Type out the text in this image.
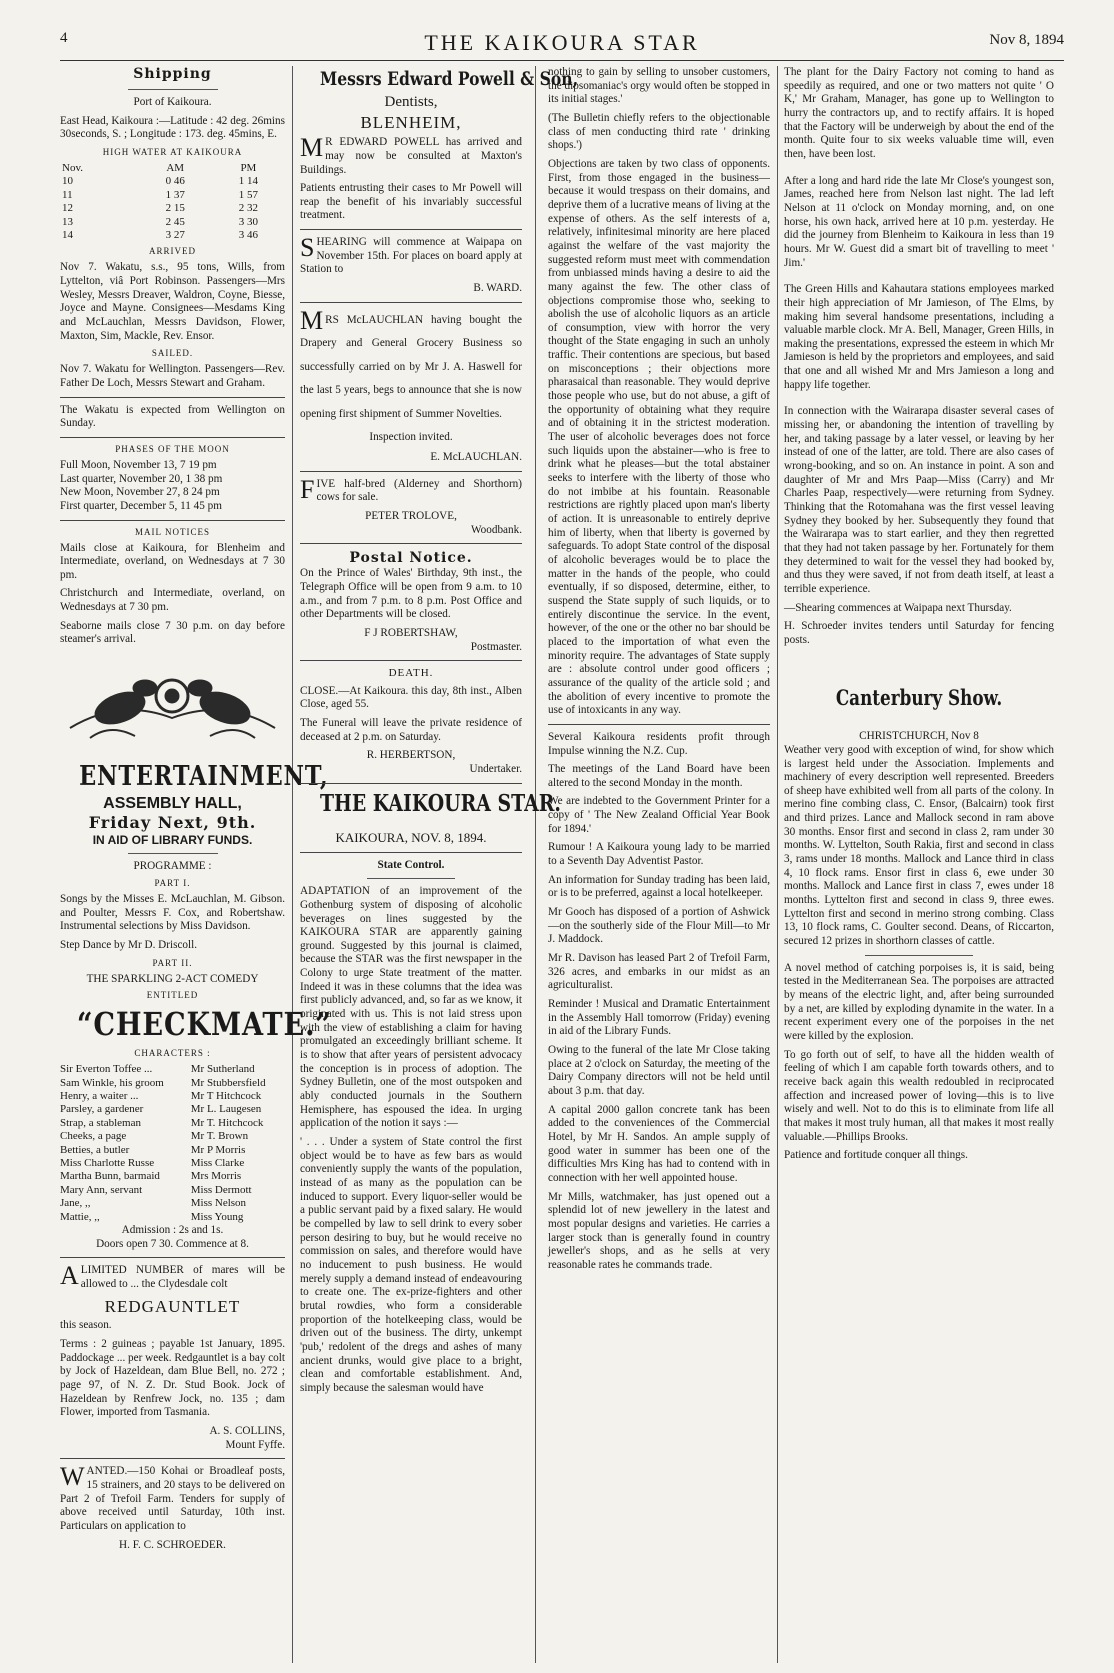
4	THE KAIKOURA STAR	Nov 8, 1894
Shipping

Port of Kaikoura.

East Head, Kaikoura :—Latitude : 42 deg. 26mins 30seconds, S. ; Longitude : 173. deg. 45mins, E.

HIGH WATER AT KAIKOURA
Nov.	AM	PM
10	0 46	1 14
11	1 37	1 57
12	2 15	2 32
13	2 45	3 30
14	3 27	3 46
ARRIVED

Nov 7. Wakatu, s.s., 95 tons, Wills, from Lyttelton, viâ Port Robinson. Passengers—Mrs Wesley, Messrs Dreaver, Waldron, Coyne, Biesse, Joyce and Mayne. Consignees—Mesdams King and McLauchlan, Messrs Davidson, Flower, Maxton, Sim, Mackle, Rev. Ensor.

SAILED.

Nov 7. Wakatu for Wellington. Passengers—Rev. Father De Loch, Messrs Stewart and Graham.

The Wakatu is expected from Wellington on Sunday.

PHASES OF THE MOON
Full Moon, November 13, 7 19 pm
Last quarter, November 20, 1 38 pm
New Moon, November 27, 8 24 pm
First quarter, December 5, 11 45 pm
MAIL NOTICES

Mails close at Kaikoura, for Blenheim and Intermediate, overland, on Wednesdays at 7 30 pm.

Christchurch and Intermediate, overland, on Wednesdays at 7 30 pm.

Seaborne mails close 7 30 p.m. on day before steamer's arrival.

ENTERTAINMENT,
ASSEMBLY HALL,
Friday Next, 9th.
IN AID OF LIBRARY FUNDS.
PROGRAMME :
PART I.

Songs by the Misses E. McLauchlan, M. Gibson. and Poulter, Messrs F. Cox, and Robertshaw. Instrumental selections by Miss Davidson.

Step Dance by Mr D. Driscoll.

PART II.
THE SPARKLING 2-ACT COMEDY
ENTITLED
“CHECKMATE.”
CHARACTERS :
Sir Everton Toffee ...	Mr Sutherland
Sam Winkle, his groom	Mr Stubbersfield
Henry, a waiter ...	Mr T Hitchcock
Parsley, a gardener	Mr L. Laugesen
Strap, a stableman	Mr T. Hitchcock
Cheeks, a page	Mr T. Brown
Betties, a butler	Mr P Morris
Miss Charlotte Russe	Miss Clarke
Martha Bunn, barmaid	Mrs Morris
Mary Ann, servant	Miss Dermott
Jane, ,,	Miss Nelson
Mattie, ,,	Miss Young
Admission : 2s and 1s.
Doors open 7 30. Commence at 8.

ALIMITED NUMBER of mares will be allowed to ... the Clydesdale colt

REDGAUNTLET

this season.

Terms : 2 guineas ; payable 1st January, 1895. Paddockage ... per week. Redgauntlet is a bay colt by Jock of Hazeldean, dam Blue Bell, no. 272 ; page 97, of N. Z. Dr. Stud Book. Jock of Hazeldean by Renfrew Jock, no. 135 ; dam Flower, imported from Tasmania.

A. S. COLLINS,
Mount Fyffe.

WANTED.—150 Kohai or Broadleaf posts, 15 strainers, and 20 stays to be delivered on Part 2 of Trefoil Farm. Tenders for supply of above received until Saturday, 10th inst. Particulars on application to

H. F. C. SCHROEDER.
Messrs Edward Powell & Son,
Dentists,
BLENHEIM,

MR EDWARD POWELL has arrived and may now be consulted at Maxton's Buildings.

Patients entrusting their cases to Mr Powell will reap the benefit of his invariably successful treatment.

SHEARING will commence at Waipapa on November 15th. For places on board apply at Station to

B. WARD.

MRS McLAUCHLAN having bought the Drapery and General Grocery Business so successfully carried on by Mr J. A. Haswell for the last 5 years, begs to announce that she is now opening first shipment of Summer Novelties.

Inspection invited.
E. McLAUCHLAN.

FIVE half-bred (Alderney and Shorthorn) cows for sale.

PETER TROLOVE,
Woodbank.
Postal Notice.

On the Prince of Wales' Birthday, 9th inst., the Telegraph Office will be open from 9 a.m. to 10 a.m., and from 7 p.m. to 8 p.m. Post Office and other Departments will be closed.

F J ROBERTSHAW,
Postmaster.
DEATH.

CLOSE.—At Kaikoura. this day, 8th inst., Alben Close, aged 55.

The Funeral will leave the private residence of deceased at 2 p.m. on Saturday.

R. HERBERTSON,
Undertaker.
THE KAIKOURA STAR.
KAIKOURA, NOV. 8, 1894.
State Control.

ADAPTATION of an improvement of the Gothenburg system of disposing of alcoholic beverages on lines suggested by the KAIKOURA STAR are apparently gaining ground. Suggested by this journal is claimed, because the STAR was the first newspaper in the Colony to urge State treatment of the matter. Indeed it was in these columns that the idea was first publicly advanced, and, so far as we know, it originated with us. This is not laid stress upon with the view of establishing a claim for having promulgated an exceedingly brilliant scheme. It is to show that after years of persistent advocacy the conception is in process of adoption. The Sydney Bulletin, one of the most outspoken and ably conducted journals in the Southern Hemisphere, has espoused the idea. In urging application of the notion it says :—

' . . . Under a system of State control the first object would be to have as few bars as would conveniently supply the wants of the population, instead of as many as the population can be induced to support. Every liquor-seller would be a public servant paid by a fixed salary. He would be compelled by law to sell drink to every sober person desiring to buy, but he would receive no commission on sales, and therefore would have no inducement to push business. He would merely supply a demand instead of endeavouring to create one. The ex-prize-fighters and other brutal rowdies, who form a considerable proportion of the hotelkeeping class, would be driven out of the business. The dirty, unkempt 'pub,' redolent of the dregs and ashes of many ancient drunks, would give place to a bright, clean and comfortable establishment. And, simply because the salesman would have

nothing to gain by selling to unsober customers, the dipsomaniac's orgy would often be stopped in its initial stages.'

(The Bulletin chiefly refers to the objectionable class of men conducting third rate ' drinking shops.')

Objections are taken by two class of opponents. First, from those engaged in the business—because it would trespass on their domains, and deprive them of a lucrative means of living at the expense of others. As the self interests of a, relatively, infinitesimal minority are here placed against the welfare of the vast majority the suggested reform must meet with commendation from unbiassed minds having a desire to aid the many against the few. The other class of objections compromise those who, seeking to abolish the use of alcoholic liquors as an article of consumption, view with horror the very thought of the State engaging in such an unholy traffic. Their contentions are specious, but based on misconceptions ; their objections more pharasaical than reasonable. They would deprive those people who use, but do not abuse, a gift of the opportunity of obtaining what they require and of obtaining it in the strictest moderation. The user of alcoholic beverages does not force such liquids upon the abstainer—who is free to drink what he pleases—but the total abstainer seeks to interfere with the liberty of those who do not imbibe at his fountain. Reasonable restrictions are rightly placed upon man's liberty of action. It is unreasonable to entirely deprive him of liberty, when that liberty is governed by safeguards. To adopt State control of the disposal of alcoholic beverages would be to place the matter in the hands of the people, who could eventually, if so disposed, determine, either, to suspend the State supply of such liquids, or to entirely discontinue the service. In the event, however, of the one or the other no bar should be placed to the importation of what even the minority require. The advantages of State supply are : absolute control under good officers ; assurance of the quality of the article sold ; and the abolition of every incentive to promote the use of intoxicants in any way.

Several Kaikoura residents profit through Impulse winning the N.Z. Cup.

The meetings of the Land Board have been altered to the second Monday in the month.

We are indebted to the Government Printer for a copy of ' The New Zealand Official Year Book for 1894.'

Rumour ! A Kaikoura young lady to be married to a Seventh Day Adventist Pastor.

An information for Sunday trading has been laid, or is to be preferred, against a local hotelkeeper.

Mr Gooch has disposed of a portion of Ashwick—on the southerly side of the Flour Mill—to Mr J. Maddock.

Mr R. Davison has leased Part 2 of Trefoil Farm, 326 acres, and embarks in our midst as an agriculturalist.

Reminder ! Musical and Dramatic Entertainment in the Assembly Hall tomorrow (Friday) evening in aid of the Library Funds.

Owing to the funeral of the late Mr Close taking place at 2 o'clock on Saturday, the meeting of the Dairy Company directors will not be held until about 3 p.m. that day.

A capital 2000 gallon concrete tank has been added to the conveniences of the Commercial Hotel, by Mr H. Sandos. An ample supply of good water in summer has been one of the difficulties Mrs King has had to contend with in connection with her well appointed house.

Mr Mills, watchmaker, has just opened out a splendid lot of new jewellery in the latest and most popular designs and varieties. He carries a larger stock than is generally found in country jeweller's shops, and as he sells at very reasonable rates he commands trade.

The plant for the Dairy Factory not coming to hand as speedily as required, and one or two matters not quite ' O K,' Mr Graham, Manager, has gone up to Wellington to hurry the contractors up, and to rectify affairs. It is hoped that the Factory will be underweigh by about the end of the month. Quite four to six weeks valuable time will, even then, have been lost.

After a long and hard ride the late Mr Close's youngest son, James, reached here from Nelson last night. The lad left Nelson at 11 o'clock on Monday morning, and, on one horse, his own hack, arrived here at 10 p.m. yesterday. He did the journey from Blenheim to Kaikoura in less than 19 hours. Mr W. Guest did a smart bit of travelling to meet ' Jim.'

The Green Hills and Kahautara stations employees marked their high appreciation of Mr Jamieson, of The Elms, by making him several handsome presentations, including a valuable marble clock. Mr A. Bell, Manager, Green Hills, in making the presentations, expressed the esteem in which Mr Jamieson is held by the proprietors and employees, and said that one and all wished Mr and Mrs Jamieson a long and happy life together.

In connection with the Wairarapa disaster several cases of missing her, or abandoning the intention of travelling by her, and taking passage by a later vessel, or leaving by her instead of one of the latter, are told. There are also cases of wrong-booking, and so on. An instance in point. A son and daughter of Mr and Mrs Paap—Miss (Carry) and Mr Charles Paap, respectively—were returning from Sydney. Thinking that the Rotomahana was the first vessel leaving Sydney they booked by her. Subsequently they found that the Wairarapa was to start earlier, and they then regretted that they had not taken passage by her. Fortunately for them they determined to wait for the vessel they had booked by, and thus they were saved, if not from death itself, at least a terrible experience.

—Shearing commences at Waipapa next Thursday.

H. Schroeder invites tenders until Saturday for fencing posts.

Canterbury Show.
CHRISTCHURCH, Nov 8

Weather very good with exception of wind, for show which is largest held under the Association. Implements and machinery of every description well represented. Breeders of sheep have exhibited well from all parts of the colony. In merino fine combing class, C. Ensor, (Balcairn) took first and third prizes. Lance and Mallock second in ram above 30 months. Ensor first and second in class 2, ram under 30 months. W. Lyttelton, South Rakia, first and second in class 3, rams under 18 months. Mallock and Lance third in class 4, 10 flock rams. Ensor first in class 6, ewe under 30 months. Mallock and Lance first in class 7, ewes under 18 months. Lyttelton first and second in class 9, three ewes. Lyttelton first and second in merino strong combing. Class 13, 10 flock rams, C. Goulter second. Deans, of Riccarton, secured 12 prizes in shorthorn classes of cattle.

A novel method of catching porpoises is, it is said, being tested in the Mediterranean Sea. The porpoises are attracted by means of the electric light, and, after being surrounded by a net, are killed by exploding dynamite in the water. In a recent experiment every one of the porpoises in the net were killed by the explosion.

To go forth out of self, to have all the hidden wealth of feeling of which I am capable forth towards others, and to receive back again this wealth redoubled in reciprocated affection and increased power of loving—this is to live wisely and well. Not to do this is to eliminate from life all that makes it most truly human, all that makes it most really valuable.—Phillips Brooks.

Patience and fortitude conquer all things.
